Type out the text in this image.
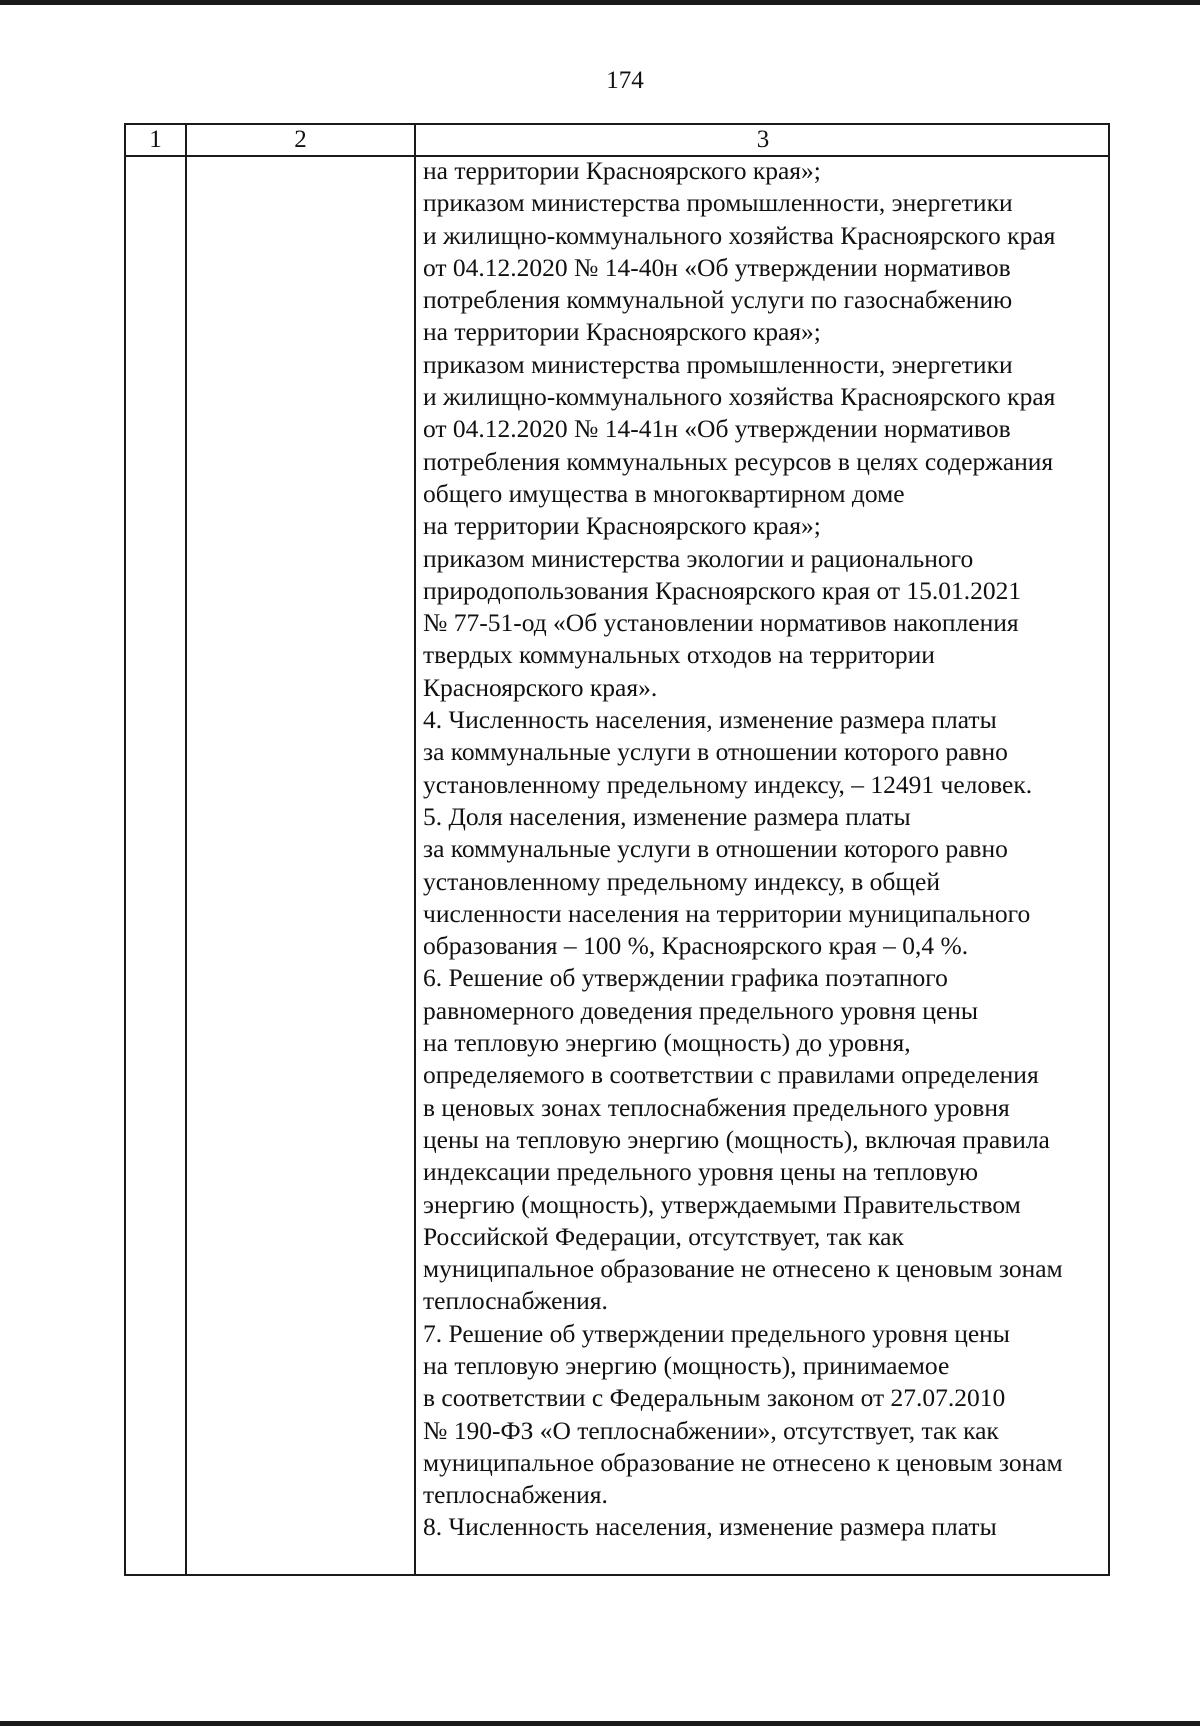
174
1	2	3
на территории Красноярского края»;
приказом министерства промышленности, энергетики
и жилищно-коммунального хозяйства Красноярского края
от 04.12.2020 № 14-40н «Об утверждении нормативов
потребления коммунальной услуги по газоснабжению
на территории Красноярского края»;
приказом министерства промышленности, энергетики
и жилищно-коммунального хозяйства Красноярского края
от 04.12.2020 № 14-41н «Об утверждении нормативов
потребления коммунальных ресурсов в целях содержания
общего имущества в многоквартирном доме
на территории Красноярского края»;
приказом министерства экологии и рационального
природопользования Красноярского края от 15.01.2021
№ 77-51-од «Об установлении нормативов накопления
твердых коммунальных отходов на территории
Красноярского края».
4. Численность населения, изменение размера платы
за коммунальные услуги в отношении которого равно
установленному предельному индексу, – 12491 человек.
5. Доля населения, изменение размера платы
за коммунальные услуги в отношении которого равно
установленному предельному индексу, в общей
численности населения на территории муниципального
образования – 100 %, Красноярского края – 0,4 %.
6. Решение об утверждении графика поэтапного
равномерного доведения предельного уровня цены
на тепловую энергию (мощность) до уровня,
определяемого в соответствии с правилами определения
в ценовых зонах теплоснабжения предельного уровня
цены на тепловую энергию (мощность), включая правила
индексации предельного уровня цены на тепловую
энергию (мощность), утверждаемыми Правительством
Российской Федерации, отсутствует, так как
муниципальное образование не отнесено к ценовым зонам
теплоснабжения.
7. Решение об утверждении предельного уровня цены
на тепловую энергию (мощность), принимаемое
в соответствии с Федеральным законом от 27.07.2010
№ 190-ФЗ «О теплоснабжении», отсутствует, так как
муниципальное образование не отнесено к ценовым зонам
теплоснабжения.
8. Численность населения, изменение размера платы
